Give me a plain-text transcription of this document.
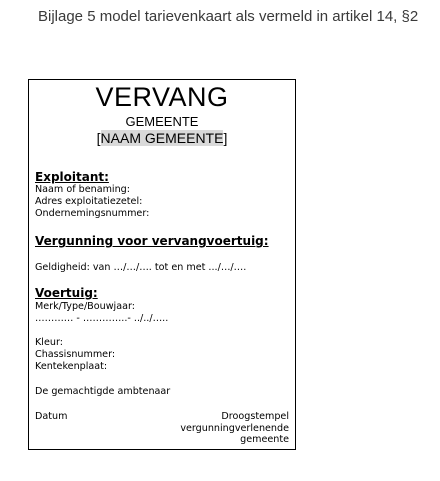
Bijlage 5 model tarievenkaart als vermeld in artikel 14, §2
VERVANG
GEMEENTE
[NAAM GEMEENTE]
Exploitant:
Naam of benaming:
Adres exploitatiezetel:
Ondernemingsnummer:
Vergunning voor vervangvoertuig:
Geldigheid: van …/…/…. tot en met .../…/….
Voertuig:
Merk/Type/Bouwjaar:
………… - …………..- ../../…..
Kleur:
Chassisnummer:
Kentekenplaat:
De gemachtigde ambtenaar
Datum	Droogstempel
vergunningverlenende
gemeente
